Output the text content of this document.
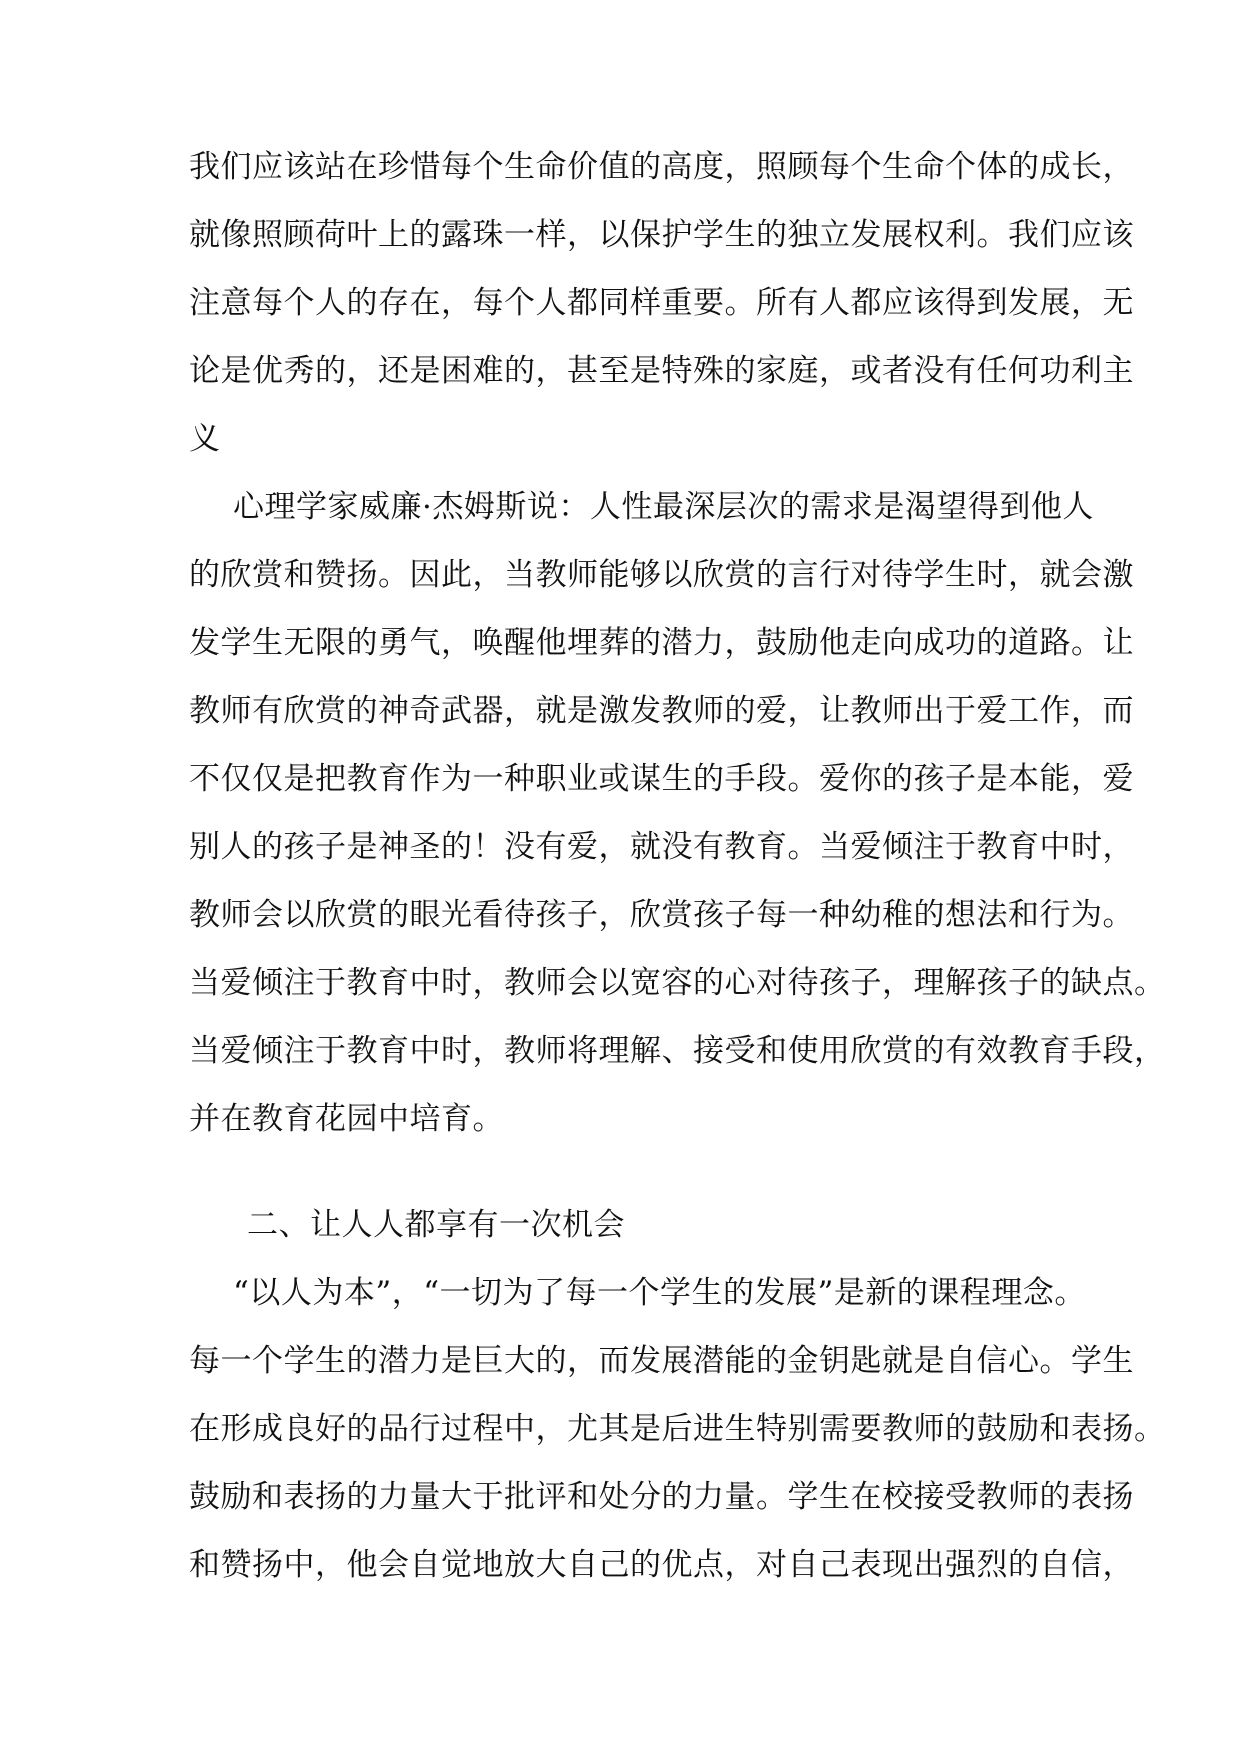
我们应该站在珍惜每个生命价值的高度，照顾每个生命个体的成长，
就像照顾荷叶上的露珠一样，以保护学生的独立发展权利。我们应该
注意每个人的存在，每个人都同样重要。所有人都应该得到发展，无
论是优秀的，还是困难的，甚至是特殊的家庭，或者没有任何功利主
义
心理学家威廉·杰姆斯说：人性最深层次的需求是渴望得到他人
的欣赏和赞扬。因此，当教师能够以欣赏的言行对待学生时，就会激
发学生无限的勇气，唤醒他埋葬的潜力，鼓励他走向成功的道路。让
教师有欣赏的神奇武器，就是激发教师的爱，让教师出于爱工作，而
不仅仅是把教育作为一种职业或谋生的手段。爱你的孩子是本能，爱
别人的孩子是神圣的！没有爱，就没有教育。当爱倾注于教育中时，
教师会以欣赏的眼光看待孩子，欣赏孩子每一种幼稚的想法和行为。
当爱倾注于教育中时，教师会以宽容的心对待孩子，理解孩子的缺点。
当爱倾注于教育中时，教师将理解、接受和使用欣赏的有效教育手段，
并在教育花园中培育。
二、让人人都享有一次机会
“以人为本”，“一切为了每一个学生的发展”是新的课程理念。
每一个学生的潜力是巨大的，而发展潜能的金钥匙就是自信心。学生
在形成良好的品行过程中，尤其是后进生特别需要教师的鼓励和表扬。
鼓励和表扬的力量大于批评和处分的力量。学生在校接受教师的表扬
和赞扬中，他会自觉地放大自己的优点，对自己表现出强烈的自信，
